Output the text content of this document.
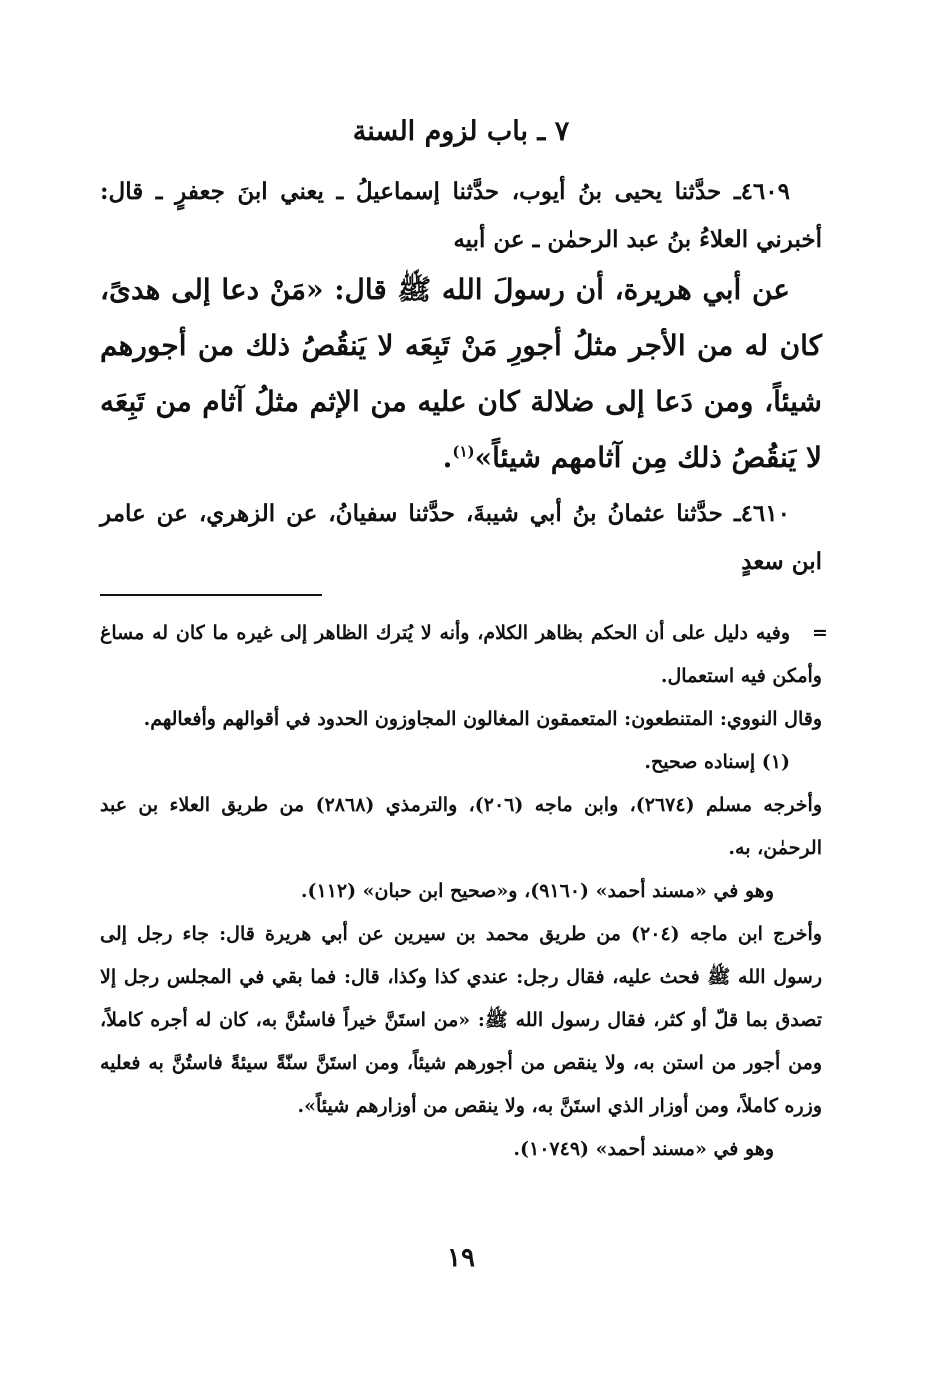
٧ ـ باب لزوم السنة

٤٦٠٩ـ حدَّثنا يحيى بنُ أيوب، حدَّثنا إسماعيلُ ـ يعني ابنَ جعفرٍ ـ قال: أخبرني العلاءُ بنُ عبد الرحمٰن ـ عن أبيه

عن أبي هريرة، أن رسولَ الله ﷺ قال: «مَنْ دعا إلى هدىً، كان له من الأجر مثلُ أجورِ مَنْ تَبِعَه لا يَنقُصُ ذلك من أجورهم شيئاً، ومن دَعا إلى ضلالة كان عليه من الإثم مثلُ آثام من تَبِعَه لا يَنقُصُ ذلك مِن آثامهم شيئاً»$^{(١)}$.

٤٦١٠ـ حدَّثنا عثمانُ بنُ أبي شيبةَ، حدَّثنا سفيانُ، عن الزهري، عن عامر ابن سعدٍ

=

وفيه دليل على أن الحكم بظاهر الكلام، وأنه لا يُترك الظاهر إلى غيره ما كان له مساغ وأمكن فيه استعمال.

وقال النووي: المتنطعون: المتعمقون المغالون المجاوزون الحدود في أقوالهم وأفعالهم.

(١) إسناده صحيح.

وأخرجه مسلم (٢٦٧٤)، وابن ماجه (٢٠٦)، والترمذي (٢٨٦٨) من طريق العلاء بن عبد الرحمٰن، به.

وهو في «مسند أحمد» (٩١٦٠)، و«صحيح ابن حبان» (١١٢).

وأخرج ابن ماجه (٢٠٤) من طريق محمد بن سيرين عن أبي هريرة قال: جاء رجل إلى رسول الله ﷺ فحث عليه، فقال رجل: عندي كذا وكذا، قال: فما بقي في المجلس رجل إلا تصدق بما قلّ أو كثر، فقال رسول الله ﷺ: «من استَنَّ خيراً فاستُنَّ به، كان له أجره كاملاً، ومن أجور من استن به، ولا ينقص من أجورهم شيئاً، ومن استَنَّ سنّةً سيئةً فاستُنَّ به فعليه وزره كاملاً، ومن أوزار الذي استَنَّ به، ولا ينقص من أوزارهم شيئاً».

وهو في «مسند أحمد» (١٠٧٤٩).

١٩
